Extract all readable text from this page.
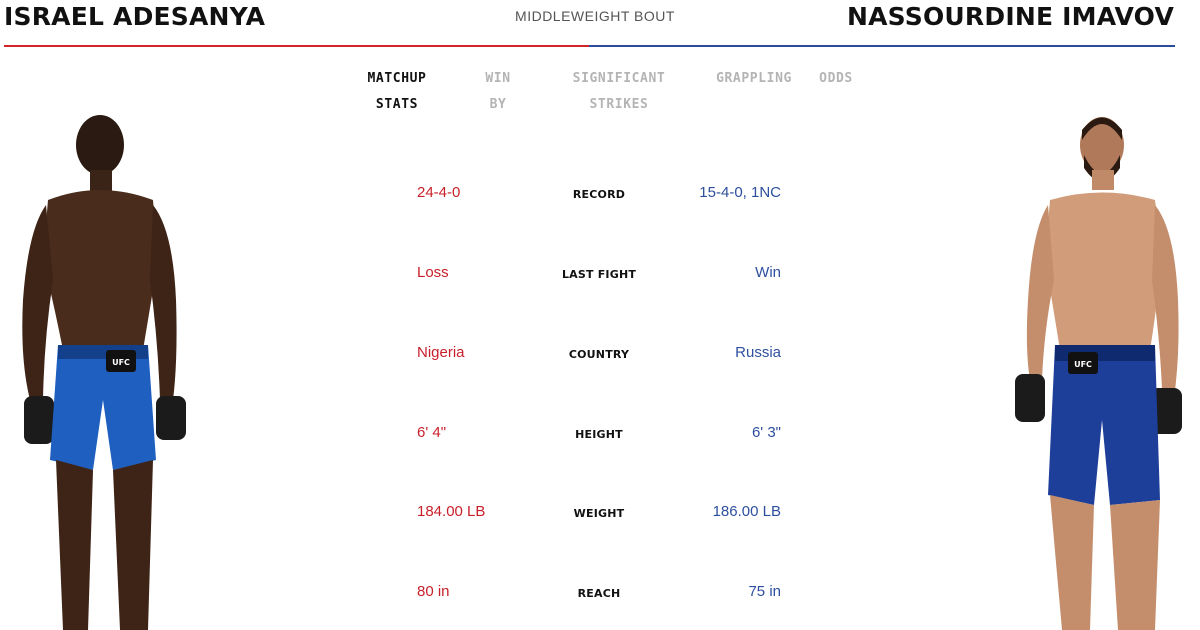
ISRAEL ADESANYA	MIDDLEWEIGHT BOUT	NASSOURDINE IMAVOV
MATCHUP
STATS
WIN
BY
SIGNIFICANT
STRIKES
GRAPPLING	ODDS
UFC	UFC
24-4-0	RECORD	15-4-0, 1NC
Loss	LAST FIGHT	Win
Nigeria	COUNTRY	Russia
6' 4"	HEIGHT	6' 3"
184.00 LB	WEIGHT	186.00 LB
80 in	REACH	75 in
